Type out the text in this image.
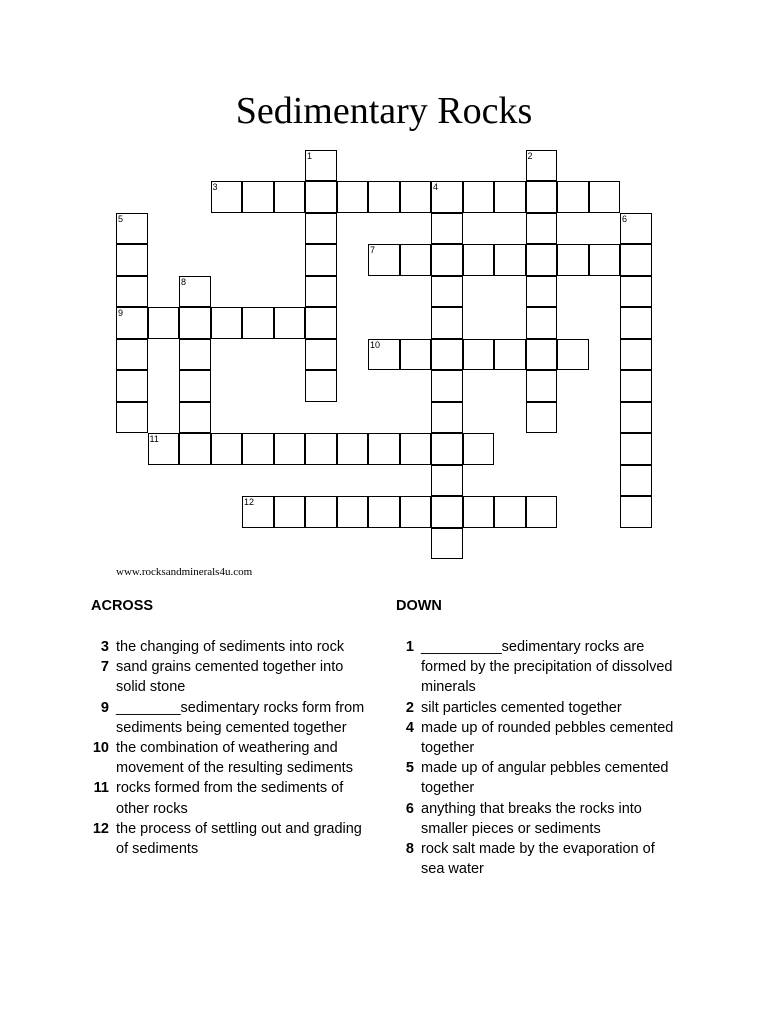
Sedimentary Rocks
1	2
3	4
5	6
7
8
9
10
11
12
www.rocksandminerals4u.com
ACROSS
3 the changing of sediments into rock
7 sand grains cemented together into solid stone
9 ________sedimentary rocks form from sediments being cemented together
10 the combination of weathering and movement of the resulting sediments
11 rocks formed from the sediments of other rocks
12 the process of settling out and grading of sediments
DOWN
1 __________sedimentary rocks are formed by the precipitation of dissolved minerals
2 silt particles cemented together
4 made up of rounded pebbles cemented together
5 made up of angular pebbles cemented together
6 anything that breaks the rocks into smaller pieces or sediments
8 rock salt made by the evaporation of sea water
